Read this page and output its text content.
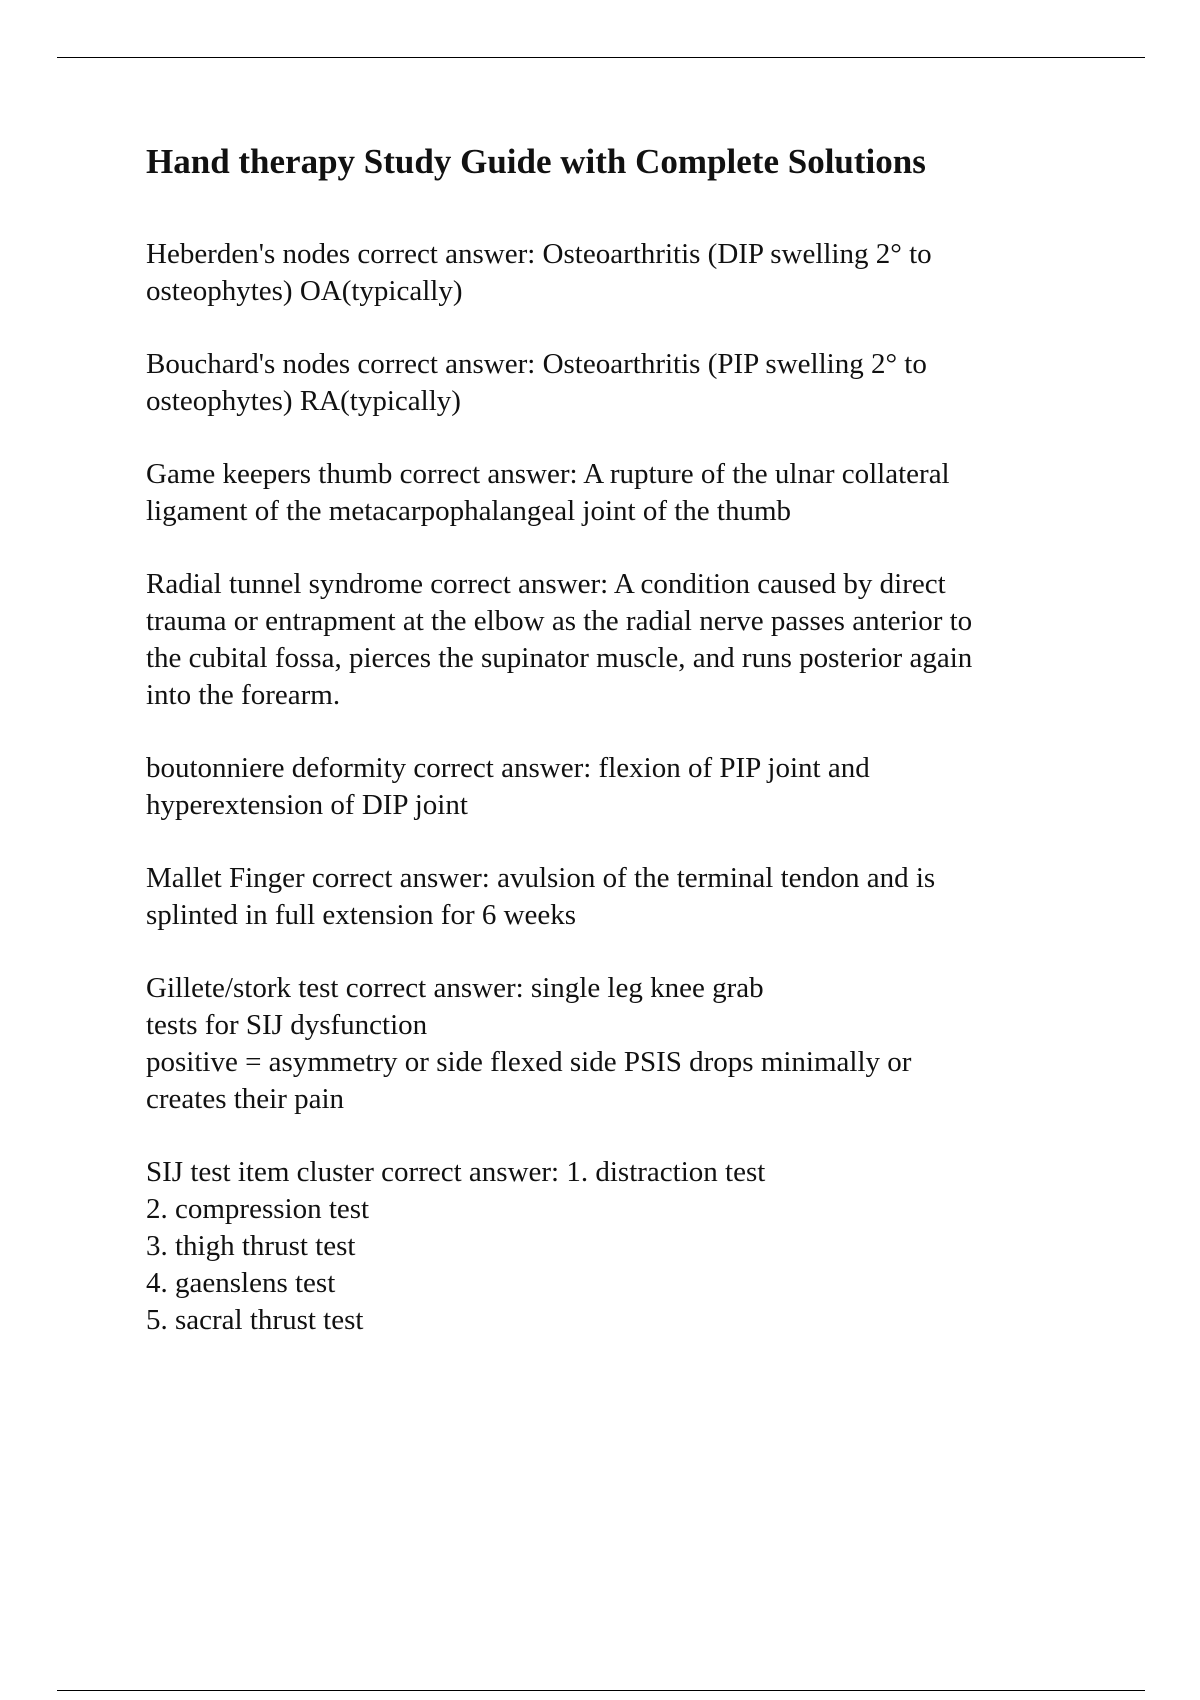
Hand therapy Study Guide with Complete Solutions
Heberden's nodes correct answer: Osteoarthritis (DIP swelling 2° to
osteophytes) OA(typically)
Bouchard's nodes correct answer: Osteoarthritis (PIP swelling 2° to
osteophytes) RA(typically)
Game keepers thumb correct answer: A rupture of the ulnar collateral
ligament of the metacarpophalangeal joint of the thumb
Radial tunnel syndrome correct answer: A condition caused by direct
trauma or entrapment at the elbow as the radial nerve passes anterior to
the cubital fossa, pierces the supinator muscle, and runs posterior again
into the forearm.
boutonniere deformity correct answer: flexion of PIP joint and
hyperextension of DIP joint
Mallet Finger correct answer: avulsion of the terminal tendon and is
splinted in full extension for 6 weeks
Gillete/stork test correct answer: single leg knee grab
tests for SIJ dysfunction
positive = asymmetry or side flexed side PSIS drops minimally or
creates their pain
SIJ test item cluster correct answer: 1. distraction test
2. compression test
3. thigh thrust test
4. gaenslens test
5. sacral thrust test
